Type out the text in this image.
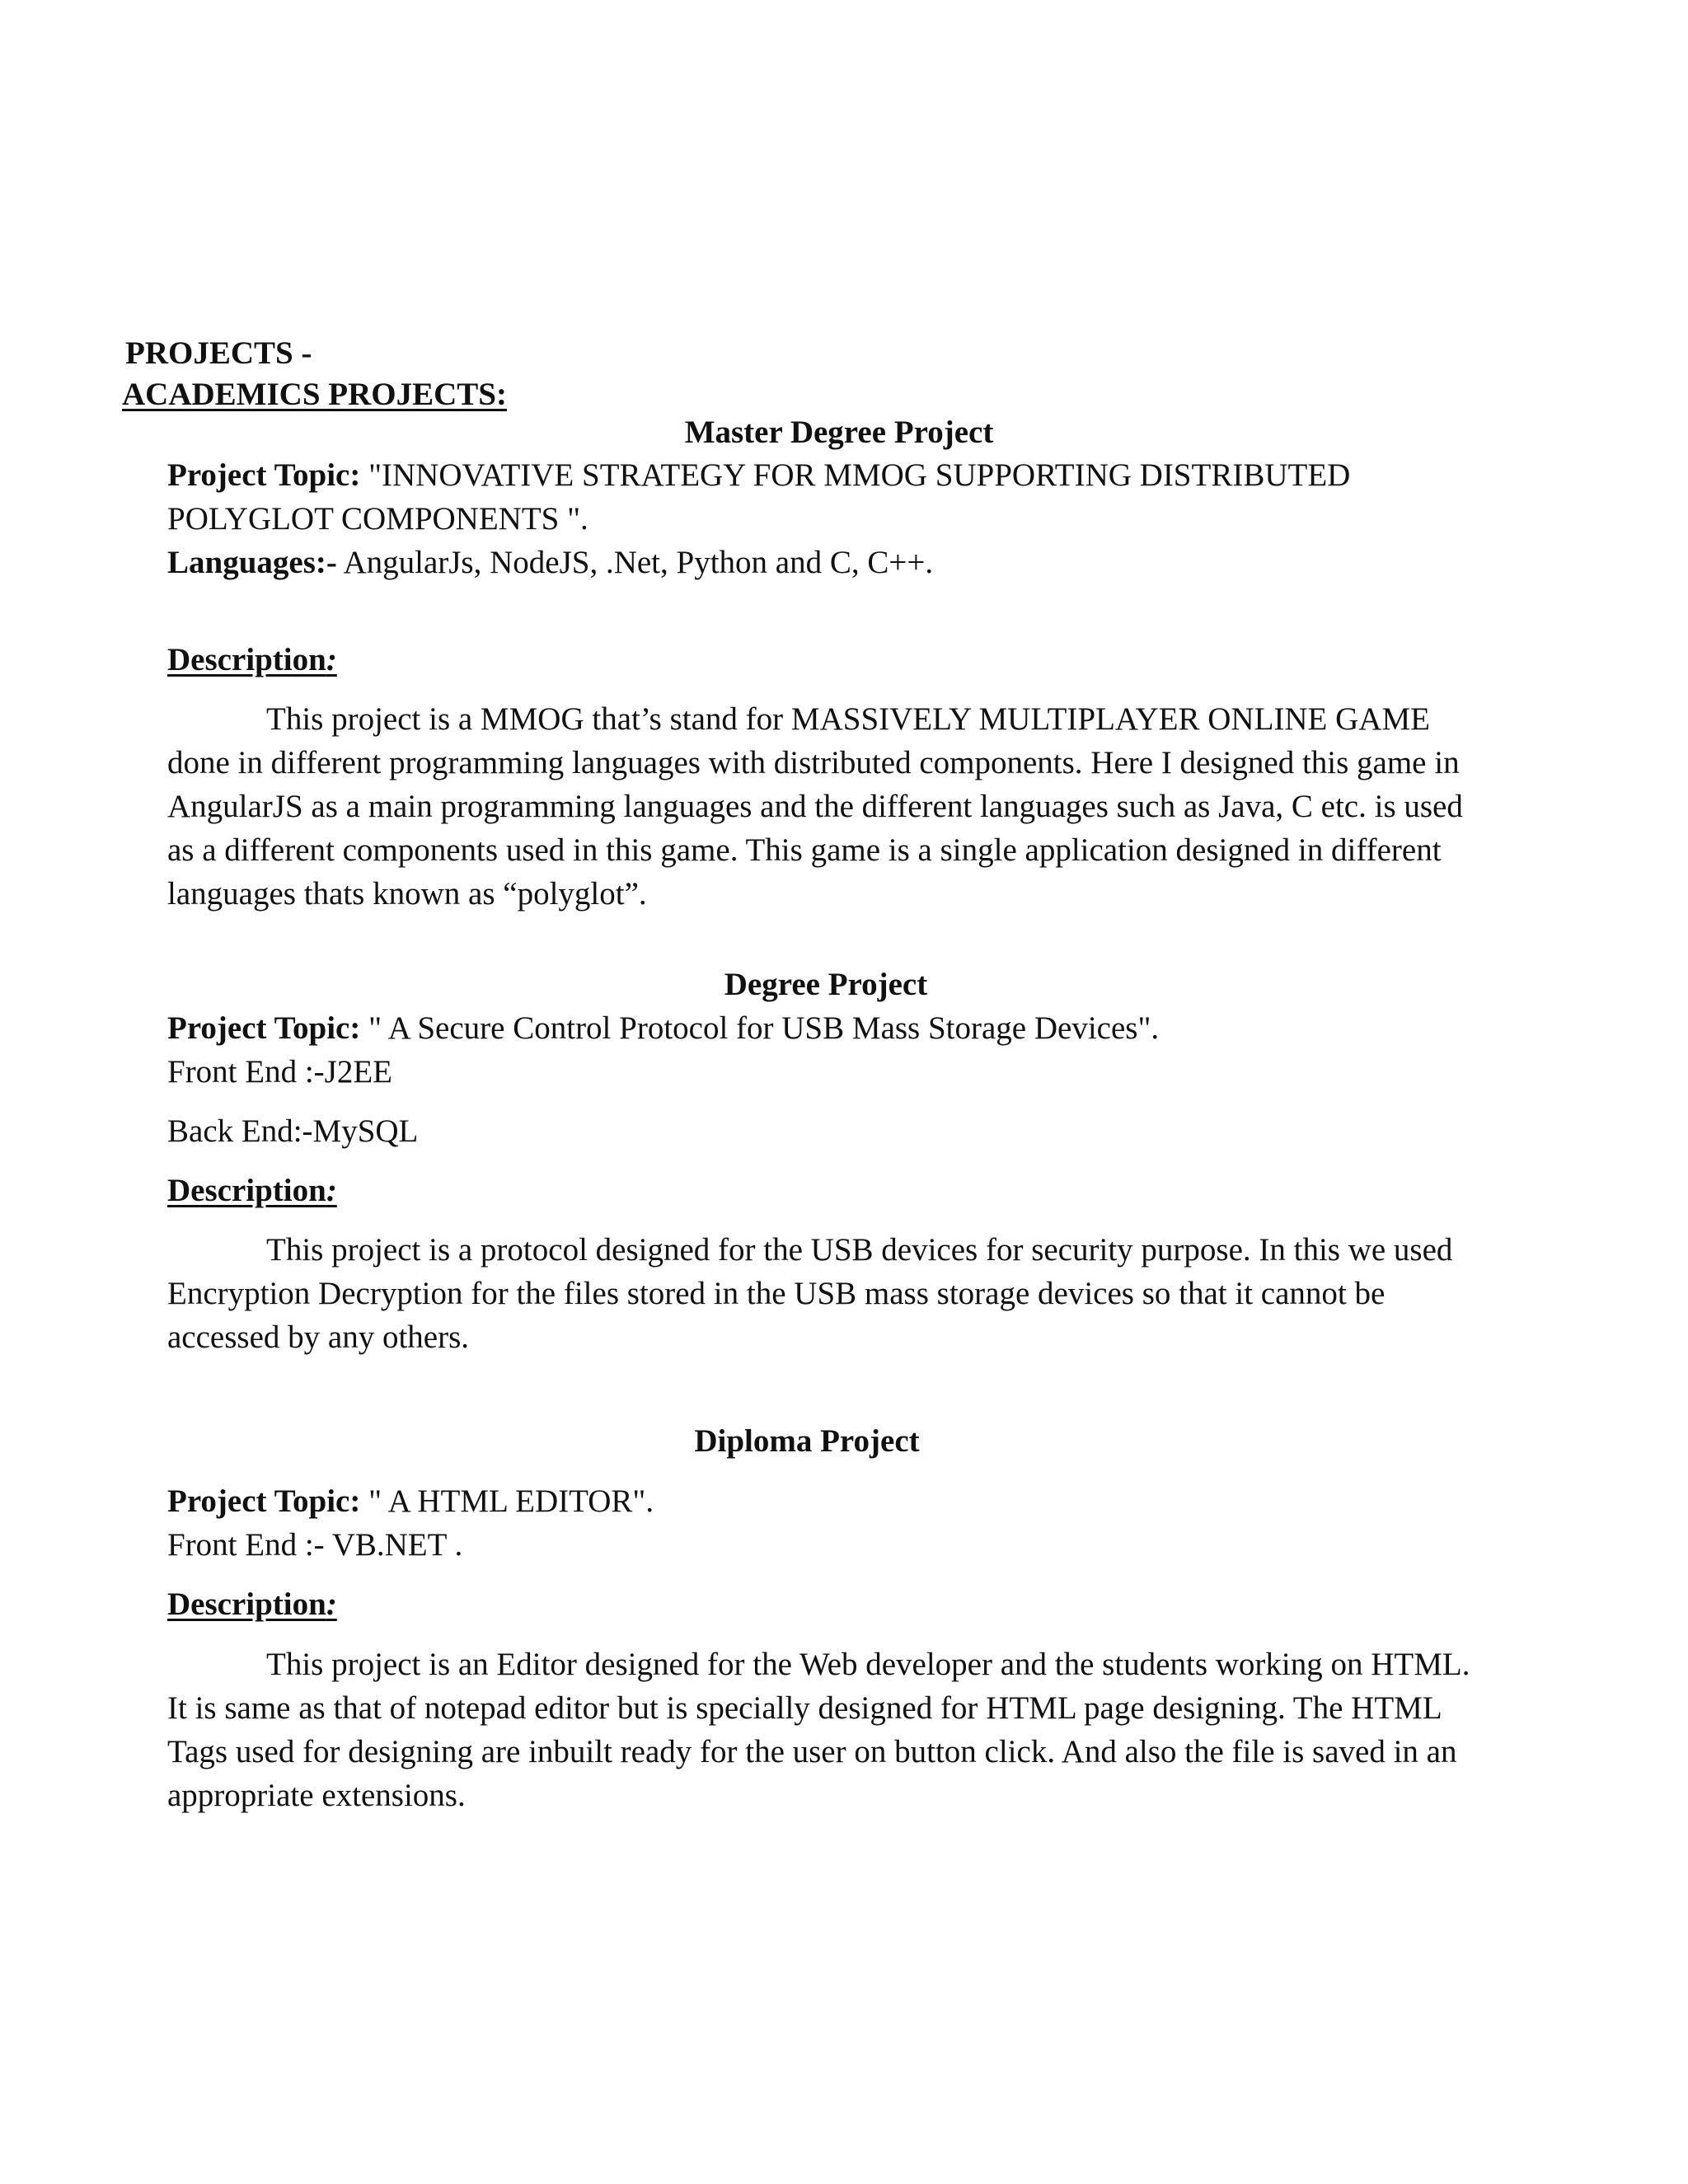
PROJECTS -
ACADEMICS PROJECTS:
Master Degree Project
Project Topic: "INNOVATIVE STRATEGY FOR MMOG SUPPORTING DISTRIBUTED
POLYGLOT COMPONENTS ".
Languages:- AngularJs, NodeJS, .Net, Python and C, C++.
Description:
This project is a MMOG that’s stand for MASSIVELY MULTIPLAYER ONLINE GAME
done in different programming languages with distributed components. Here I designed this game in
AngularJS as a main programming languages and the different languages such as Java, C etc. is used
as a different components used in this game. This game is a single application designed in different
languages thats known as “polyglot”.
Degree Project
Project Topic: " A Secure Control Protocol for USB Mass Storage Devices".
Front End :-J2EE
Back End:-MySQL
Description:
This project is a protocol designed for the USB devices for security purpose. In this we used
Encryption Decryption for the files stored in the USB mass storage devices so that it cannot be
accessed by any others.
Diploma Project
Project Topic: " A HTML EDITOR".
Front End :- VB.NET .
Description:
This project is an Editor designed for the Web developer and the students working on HTML.
It is same as that of notepad editor but is specially designed for HTML page designing. The HTML
Tags used for designing are inbuilt ready for the user on button click. And also the file is saved in an
appropriate extensions.
